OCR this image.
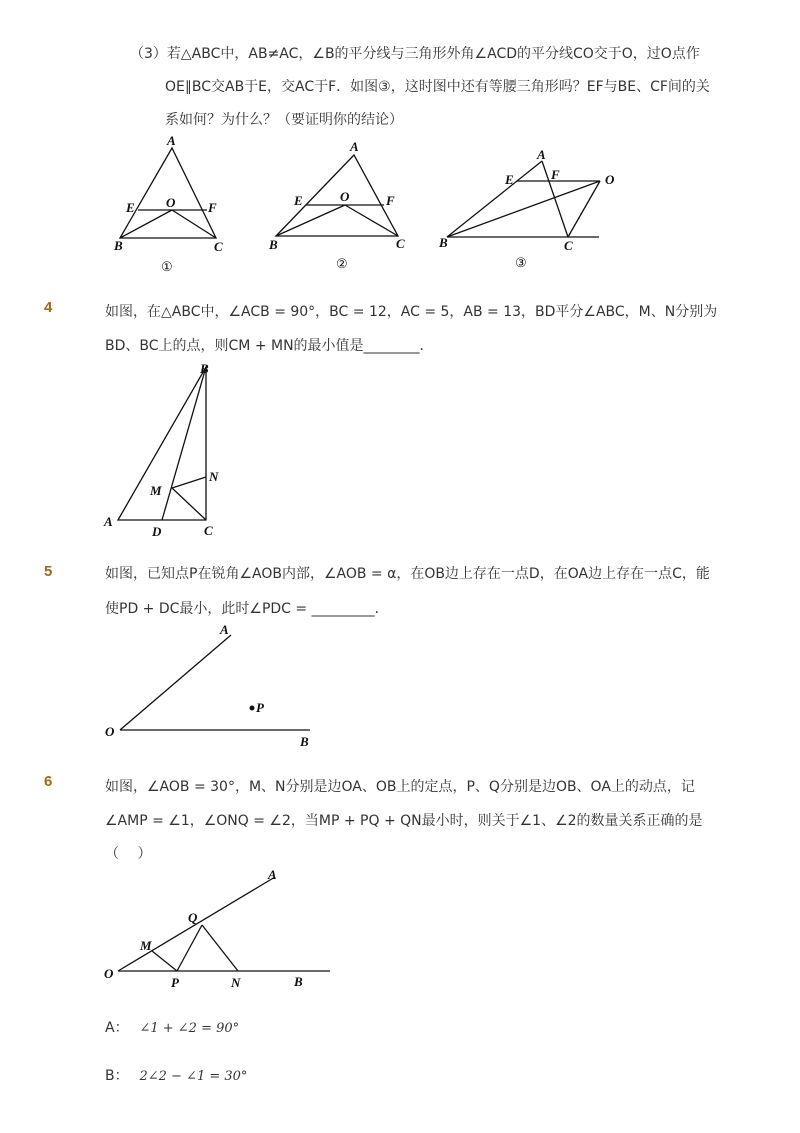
（3）若△ABC中，AB≠AC，∠B的平分线与三角形外角∠ACD的平分线CO交于O，过O点作
OE∥BC交AB于E，交AC于F．如图③，这时图中还有等腰三角形吗？EF与BE、CF间的关
系如何？为什么？（要证明你的结论）
A
B	C
E O	F
①
A
B	C
E	O	F
②
A
B	C
E	F	O
③
4	如图，在△ABC中，∠ACB = 90°，BC = 12，AC = 5，AB = 13，BD平分∠ABC，M、N分别为
BD、BC上的点，则CM + MN的最小值是________．
B
A
C
D
M
N
5	如图，已知点P在锐角∠AOB内部，∠AOB = α，在OB边上存在一点D，在OA边上存在一点C，能
使PD + DC最小，此时∠PDC = _________．
A
O
B
P
6	如图，∠AOB = 30°，M、N分别是边OA、OB上的定点，P、Q分别是边OB、OA上的动点，记
∠AMP = ∠1，∠ONQ = ∠2，当MP + PQ + QN最小时，则关于∠1、∠2的数量关系正确的是
（　 ）
A
O
B
M
Q
P	N
A： ∠1 + ∠2 = 90°
B： 2∠2 − ∠1 = 30°
